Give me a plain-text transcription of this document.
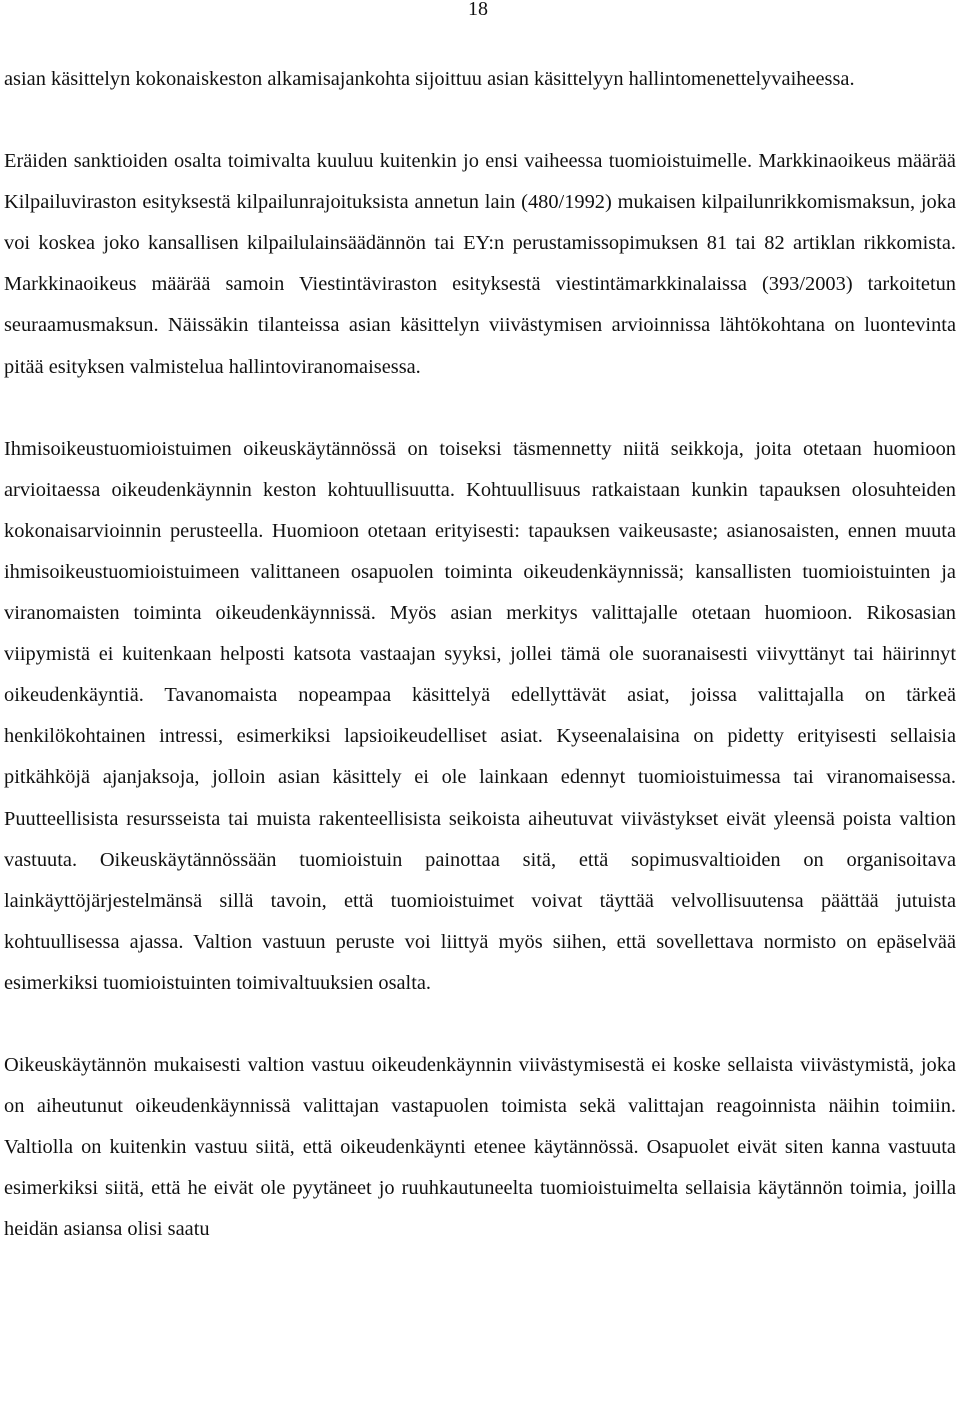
18

asian käsittelyn kokonaiskeston alkamisajankohta sijoittuu asian käsittelyyn hallintomenettelyvaiheessa.

Eräiden sanktioiden osalta toimivalta kuuluu kuitenkin jo ensi vaiheessa tuomioistuimelle. Markkinaoikeus määrää Kilpailuviraston esityksestä kilpailunrajoituksista annetun lain (480/1992) mukaisen kilpailunrikkomismaksun, joka voi koskea joko kansallisen kilpailulainsäädännön tai EY:n perustamissopimuksen 81 tai 82 artiklan rikkomista. Markkinaoikeus määrää samoin Viestintäviraston esityksestä viestintämarkkinalaissa (393/2003) tarkoitetun seuraamusmaksun. Näissäkin tilanteissa asian käsittelyn viivästymisen arvioinnissa lähtökohtana on luontevinta pitää esityksen valmistelua hallintoviranomaisessa.

Ihmisoikeustuomioistuimen oikeuskäytännössä on toiseksi täsmennetty niitä seikkoja, joita otetaan huomioon arvioitaessa oikeudenkäynnin keston kohtuullisuutta. Kohtuullisuus ratkaistaan kunkin tapauksen olosuhteiden kokonaisarvioinnin perusteella. Huomioon otetaan erityisesti: tapauksen vaikeusaste; asianosaisten, ennen muuta ihmisoikeustuomioistuimeen valittaneen osapuolen toiminta oikeudenkäynnissä; kansallisten tuomioistuinten ja viranomaisten toiminta oikeudenkäynnissä. Myös asian merkitys valittajalle otetaan huomioon. Rikosasian viipymistä ei kuitenkaan helposti katsota vastaajan syyksi, jollei tämä ole suoranaisesti viivyttänyt tai häirinnyt oikeudenkäyntiä. Tavanomaista nopeampaa käsittelyä edellyttävät asiat, joissa valittajalla on tärkeä henkilökohtainen intressi, esimerkiksi lapsioikeudelliset asiat. Kyseenalaisina on pidetty erityisesti sellaisia pitkähköjä ajanjaksoja, jolloin asian käsittely ei ole lainkaan edennyt tuomioistuimessa tai viranomaisessa. Puutteellisista resursseista tai muista rakenteellisista seikoista aiheutuvat viivästykset eivät yleensä poista valtion vastuuta. Oikeuskäytännössään tuomioistuin painottaa sitä, että sopimusvaltioiden on organisoitava lainkäyttöjärjestelmänsä sillä tavoin, että tuomioistuimet voivat täyttää velvollisuutensa päättää jutuista kohtuullisessa ajassa. Valtion vastuun peruste voi liittyä myös siihen, että sovellettava normisto on epäselvää esimerkiksi tuomioistuinten toimivaltuuksien osalta.

Oikeuskäytännön mukaisesti valtion vastuu oikeudenkäynnin viivästymisestä ei koske sellaista viivästymistä, joka on aiheutunut oikeudenkäynnissä valittajan vastapuolen toimista sekä valittajan reagoinnista näihin toimiin. Valtiolla on kuitenkin vastuu siitä, että oikeudenkäynti etenee käytännössä. Osapuolet eivät siten kanna vastuuta esimerkiksi siitä, että he eivät ole pyytäneet jo ruuhkautuneelta tuomioistuimelta sellaisia käytännön toimia, joilla heidän asiansa olisi saatu
